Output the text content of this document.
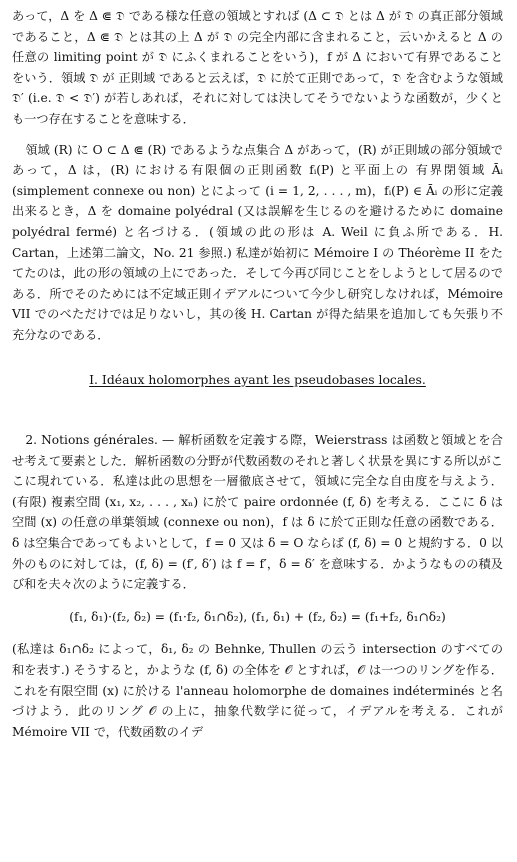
あって，Δ を Δ ⋐ 𝔇 である様な任意の領域とすれば (Δ ⊂ 𝔇 とは Δ が 𝔇 の真正部分領域であること，Δ ⋐ 𝔇 とは其の上 Δ が 𝔇 の完全内部に含まれること，云いかえると Δ の任意の limiting point が 𝔇 にふくまれることをいう)，f が Δ において有界であることをいう．領域 𝔇 が 正則域 であると云えば，𝔇 に於て正則であって，𝔇 を含むような領域 𝔇′ (i.e. 𝔇 < 𝔇′) が若しあれば，それに対しては決してそうでないような函数が，少くとも一つ存在することを意味する．

領域 (R) に O ⊂ Δ ⋐ (R) であるような点集合 Δ があって，(R) が正則域の部分領域であって，Δ は，(R) における有限個の正則函数 fᵢ(P) と平面上の 有界閉領域 Āᵢ (simplement connexe ou non) とによって (i = 1, 2, . . . , m)，fᵢ(P) ∈ Āᵢ の形に定義出来るとき，Δ を domaine polyédral (又は誤解を生じるのを避けるために domaine polyédral fermé) と名づける．(領域の此の形は A. Weil に負ふ所である．H. Cartan，上述第二論文，No. 21 参照.) 私達が始初に Mémoire I の Théorème II をたてたのは，此の形の領域の上にであった．そして今再び同じことをしようとして居るのである．所でそのためには不定域正則イデアルについて今少し研究しなければ，Mémoire VII でのべただけでは足りないし，其の後 H. Cartan が得た結果を追加しても矢張り不充分なのである．

I. Idéaux holomorphes ayant les pseudobases locales.

2. Notions générales. — 解析函数を定義する際，Weierstrass は函数と領域とを合せ考えて要素とした．解析函数の分野が代数函数のそれと著しく状景を異にする所以がここに現れている．私達は此の思想を一層徹底させて，領域に完全な自由度を与えよう．(有限) 複素空間 (x₁, x₂, . . . , xₙ) に於て paire ordonnée (f, δ) を考える．ここに δ は 空間 (x) の任意の単葉領域 (connexe ou non)，f は δ に於て正則な任意の函数である．δ は空集合であってもよいとして，f = 0 又は δ = O ならば (f, δ) = 0 と規約する．0 以外のものに対しては，(f, δ) = (f′, δ′) は f = f′，δ = δ′ を意味する．かようなものの積及び和を夫々次のように定義する．

(f₁, δ₁)·(f₂, δ₂) = (f₁·f₂, δ₁∩δ₂), (f₁, δ₁) + (f₂, δ₂) = (f₁+f₂, δ₁∩δ₂)

(私達は δ₁∩δ₂ によって，δ₁, δ₂ の Behnke, Thullen の云う intersection のすべての和を表す.) そうすると，かような (f, δ) の全体を 𝒪 とすれば，𝒪 は一つのリングを作る．これを有限空間 (x) に於ける l'anneau holomorphe de domaines indéterminés と名づけよう．此のリング 𝒪 の上に，抽象代数学に従って，イデアルを考える．これが Mémoire VII で，代数函数のイデ
